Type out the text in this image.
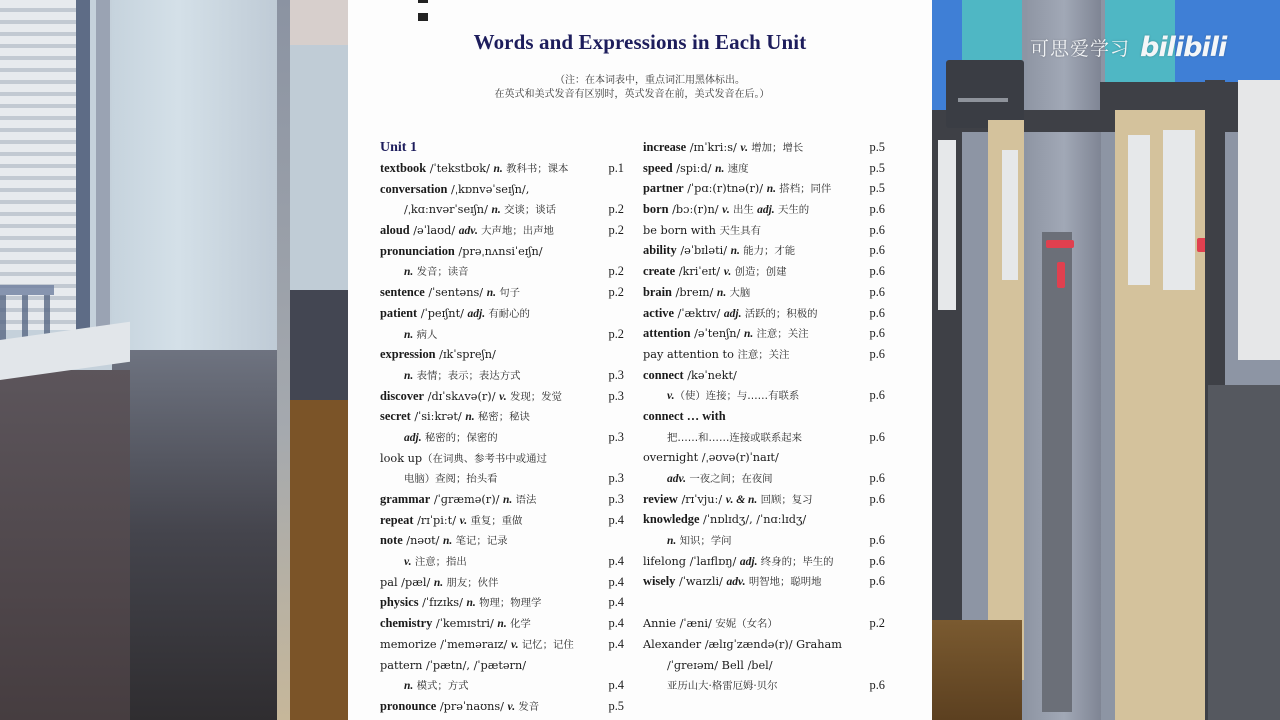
Words and Expressions in Each Unit
（注：在本词表中，重点词汇用黑体标出。
在英式和美式发音有区别时，英式发音在前，美式发音在后。）
Unit 1
textbook /ˈtekstbʊk/ n. 教科书；课本	p.1
conversation /ˌkɒnvəˈseɪʃn/,
/ˌkɑːnvərˈseɪʃn/ n. 交谈；谈话	p.2
aloud /əˈlaʊd/ adv. 大声地；出声地	p.2
pronunciation /prəˌnʌnsiˈeɪʃn/
n. 发音；读音	p.2
sentence /ˈsentəns/ n. 句子	p.2
patient /ˈpeɪʃnt/ adj. 有耐心的
n. 病人	p.2
expression /ɪkˈspreʃn/
n. 表情；表示；表达方式	p.3
discover /dɪˈskʌvə(r)/ v. 发现；发觉	p.3
secret /ˈsiːkrət/ n. 秘密；秘诀
adj. 秘密的；保密的	p.3
look up（在词典、参考书中或通过
电脑）查阅；抬头看	p.3
grammar /ˈɡræmə(r)/ n. 语法	p.3
repeat /rɪˈpiːt/ v. 重复；重做	p.4
note /nəʊt/ n. 笔记；记录
v. 注意；指出	p.4
pal /pæl/ n. 朋友；伙伴	p.4
physics /ˈfɪzɪks/ n. 物理；物理学	p.4
chemistry /ˈkemɪstri/ n. 化学	p.4
memorize /ˈmeməraɪz/ v. 记忆；记住	p.4
pattern /ˈpætn/, /ˈpætərn/
n. 模式；方式	p.4
pronounce /prəˈnaʊns/ v. 发音	p.5
increase /ɪnˈkriːs/ v. 增加；增长	p.5
speed /spiːd/ n. 速度	p.5
partner /ˈpɑː(r)tnə(r)/ n. 搭档；同伴	p.5
born /bɔː(r)n/ v. 出生 adj. 天生的	p.6
be born with 天生具有	p.6
ability /əˈbɪləti/ n. 能力；才能	p.6
create /kriˈeɪt/ v. 创造；创建	p.6
brain /breɪn/ n. 大脑	p.6
active /ˈæktɪv/ adj. 活跃的；积极的	p.6
attention /əˈtenʃn/ n. 注意；关注	p.6
pay attention to 注意；关注	p.6
connect /kəˈnekt/
v.（使）连接；与……有联系	p.6
connect … with
把……和……连接或联系起来	p.6
overnight /ˌəʊvə(r)ˈnaɪt/
adv. 一夜之间；在夜间	p.6
review /rɪˈvjuː/ v. & n. 回顾；复习	p.6
knowledge /ˈnɒlɪdʒ/, /ˈnɑːlɪdʒ/
n. 知识；学问	p.6
lifelong /ˈlaɪflɒŋ/ adj. 终身的；毕生的	p.6
wisely /ˈwaɪzli/ adv. 明智地；聪明地	p.6
Annie /ˈæni/ 安妮（女名）	p.2
Alexander /ælɪɡˈzændə(r)/ Graham
/ˈɡreɪəm/ Bell /bel/
亚历山大·格雷厄姆·贝尔	p.6
可思爱学习 bilibili
